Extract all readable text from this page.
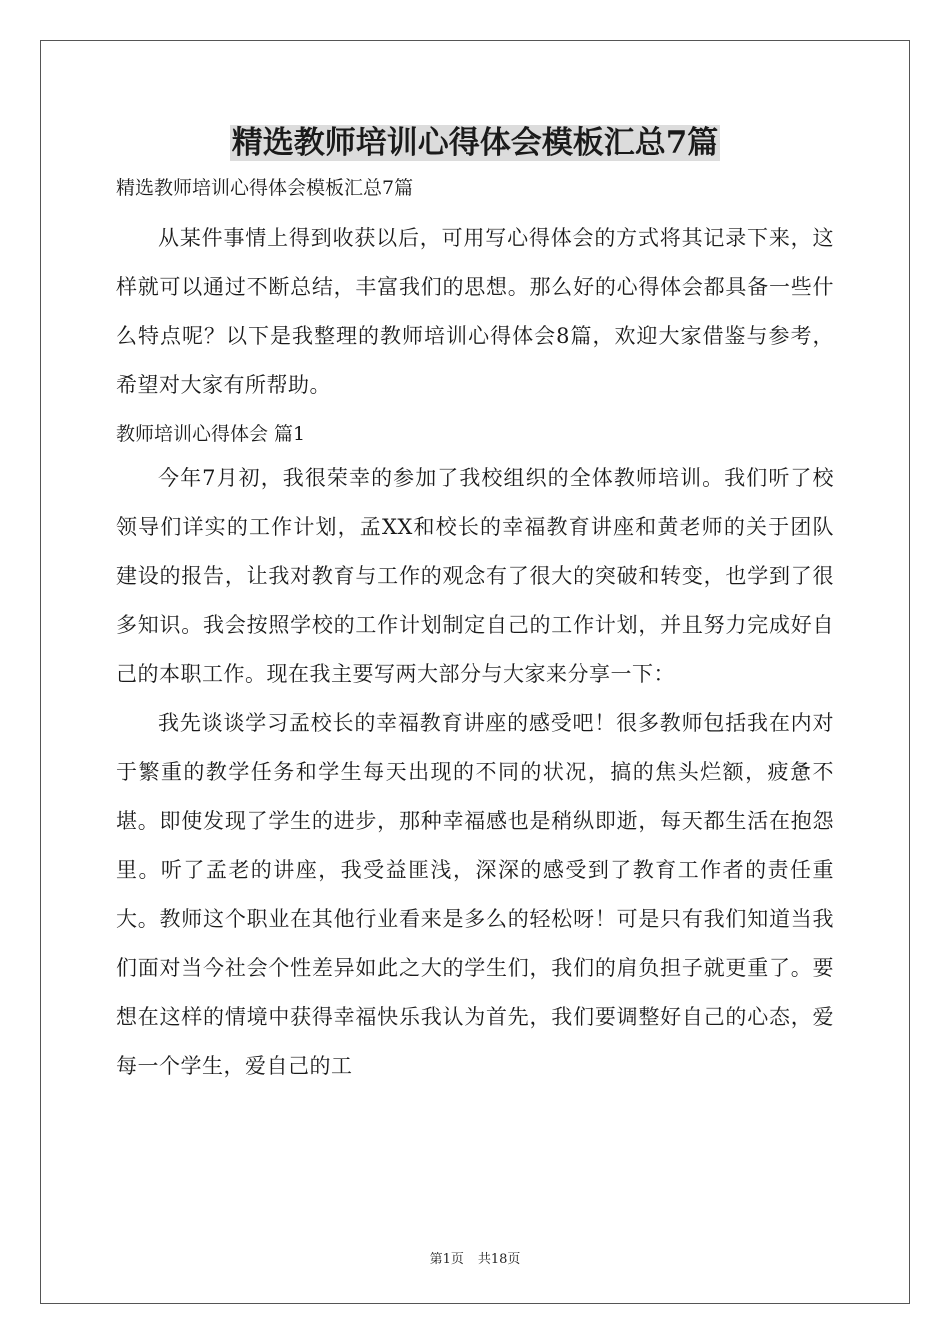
精选教师培训心得体会模板汇总7篇

精选教师培训心得体会模板汇总7篇

从某件事情上得到收获以后，可用写心得体会的方式将其记录下来，这样就可以通过不断总结，丰富我们的思想。那么好的心得体会都具备一些什么特点呢？以下是我整理的教师培训心得体会8篇，欢迎大家借鉴与参考，希望对大家有所帮助。

教师培训心得体会 篇1

今年7月初，我很荣幸的参加了我校组织的全体教师培训。我们听了校领导们详实的工作计划，孟XX和校长的幸福教育讲座和黄老师的关于团队建设的报告，让我对教育与工作的观念有了很大的突破和转变，也学到了很多知识。我会按照学校的工作计划制定自己的工作计划，并且努力完成好自己的本职工作。现在我主要写两大部分与大家来分享一下：

我先谈谈学习孟校长的幸福教育讲座的感受吧！很多教师包括我在内对于繁重的教学任务和学生每天出现的不同的状况，搞的焦头烂额，疲惫不堪。即使发现了学生的进步，那种幸福感也是稍纵即逝，每天都生活在抱怨里。听了孟老的讲座，我受益匪浅，深深的感受到了教育工作者的责任重大。教师这个职业在其他行业看来是多么的轻松呀！可是只有我们知道当我们面对当今社会个性差异如此之大的学生们，我们的肩负担子就更重了。要想在这样的情境中获得幸福快乐我认为首先，我们要调整好自己的心态，爱每一个学生，爱自己的工

第1页 共18页
